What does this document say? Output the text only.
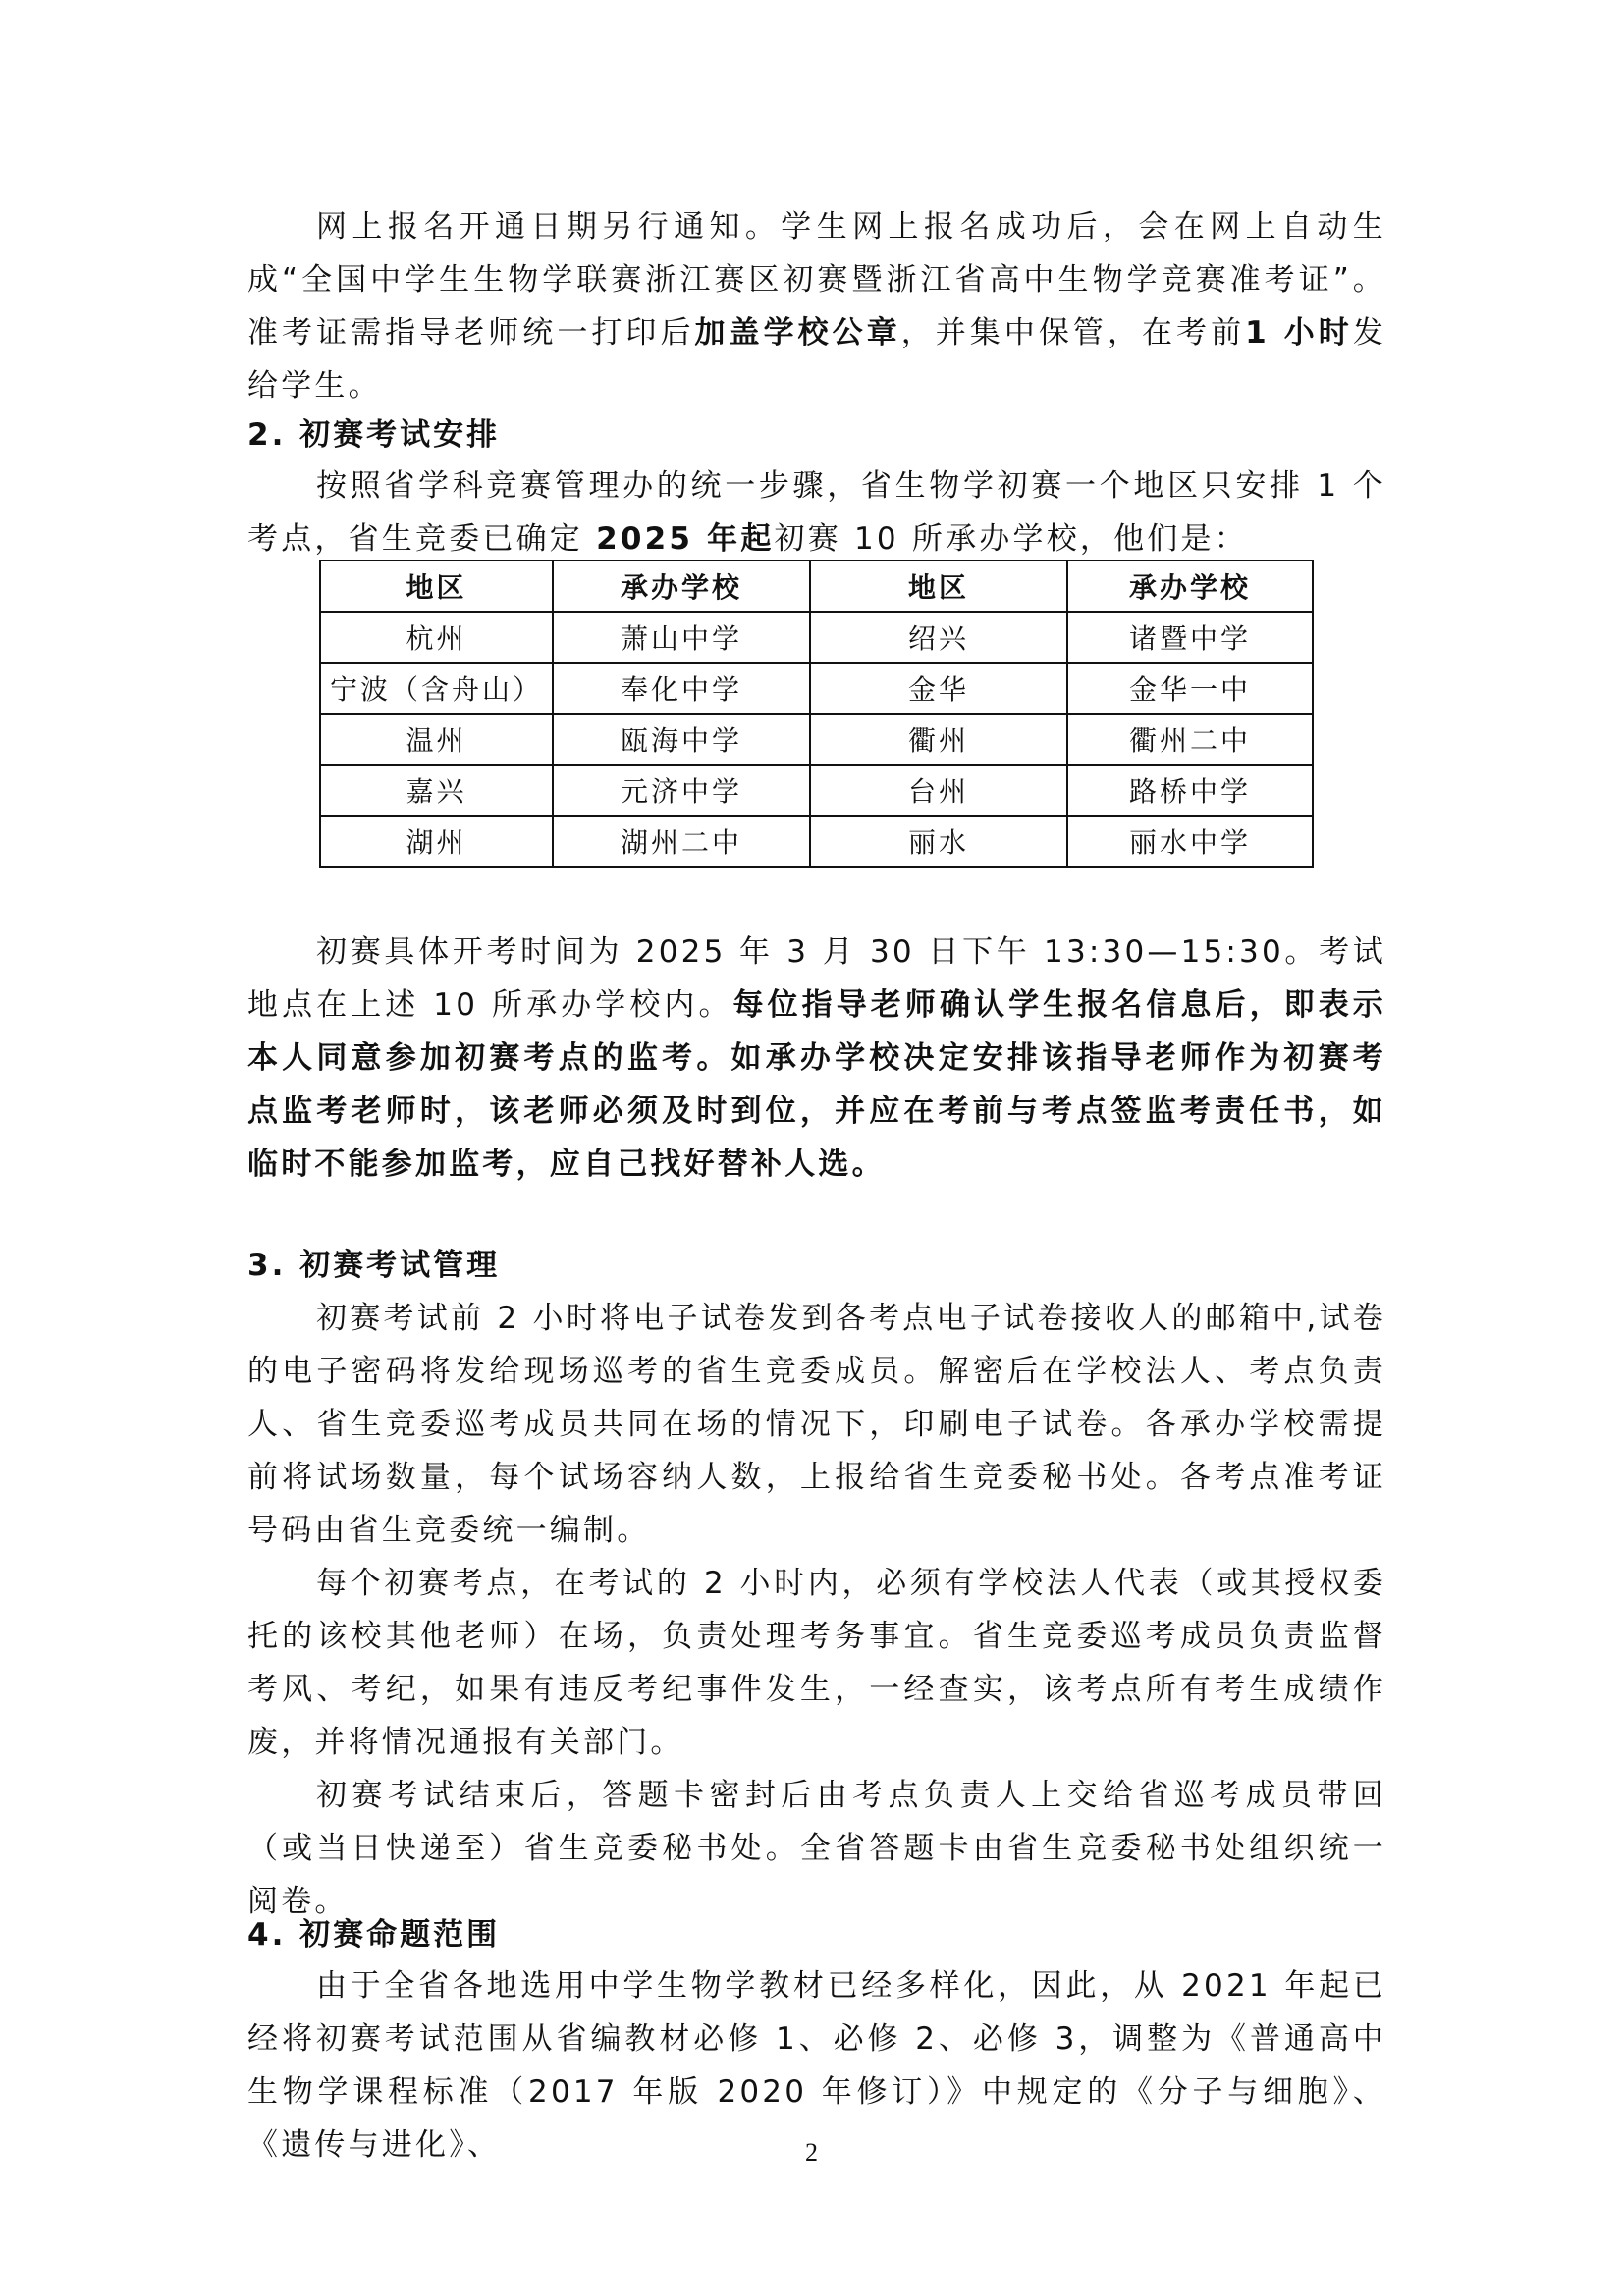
网上报名开通日期另行通知。学生网上报名成功后，会在网上自动生成“全国中学生生物学联赛浙江赛区初赛暨浙江省高中生物学竞赛准考证”。准考证需指导老师统一打印后加盖学校公章，并集中保管，在考前1 小时发给学生。

2. 初赛考试安排

按照省学科竞赛管理办的统一步骤，省生物学初赛一个地区只安排 1 个考点，省生竞委已确定 2025 年起初赛 10 所承办学校，他们是：

地区	承办学校	地区	承办学校
杭州	萧山中学	绍兴	诸暨中学
宁波（含舟山）	奉化中学	金华	金华一中
温州	瓯海中学	衢州	衢州二中
嘉兴	元济中学	台州	路桥中学
湖州	湖州二中	丽水	丽水中学

初赛具体开考时间为 2025 年 3 月 30 日下午 13:30—15:30。考试地点在上述 10 所承办学校内。每位指导老师确认学生报名信息后，即表示本人同意参加初赛考点的监考。如承办学校决定安排该指导老师作为初赛考点监考老师时，该老师必须及时到位，并应在考前与考点签监考责任书，如临时不能参加监考，应自己找好替补人选。

3. 初赛考试管理

初赛考试前 2 小时将电子试卷发到各考点电子试卷接收人的邮箱中,试卷的电子密码将发给现场巡考的省生竞委成员。解密后在学校法人、考点负责人、省生竞委巡考成员共同在场的情况下，印刷电子试卷。各承办学校需提前将试场数量，每个试场容纳人数，上报给省生竞委秘书处。各考点准考证号码由省生竞委统一编制。

每个初赛考点，在考试的 2 小时内，必须有学校法人代表（或其授权委托的该校其他老师）在场，负责处理考务事宜。省生竞委巡考成员负责监督考风、考纪，如果有违反考纪事件发生，一经查实，该考点所有考生成绩作废，并将情况通报有关部门。

初赛考试结束后，答题卡密封后由考点负责人上交给省巡考成员带回（或当日快递至）省生竞委秘书处。全省答题卡由省生竞委秘书处组织统一阅卷。

4. 初赛命题范围

由于全省各地选用中学生物学教材已经多样化，因此，从 2021 年起已经将初赛考试范围从省编教材必修 1、必修 2、必修 3，调整为《普通高中生物学课程标准（2017 年版 2020 年修订）》中规定的《分子与细胞》、《遗传与进化》、	2
